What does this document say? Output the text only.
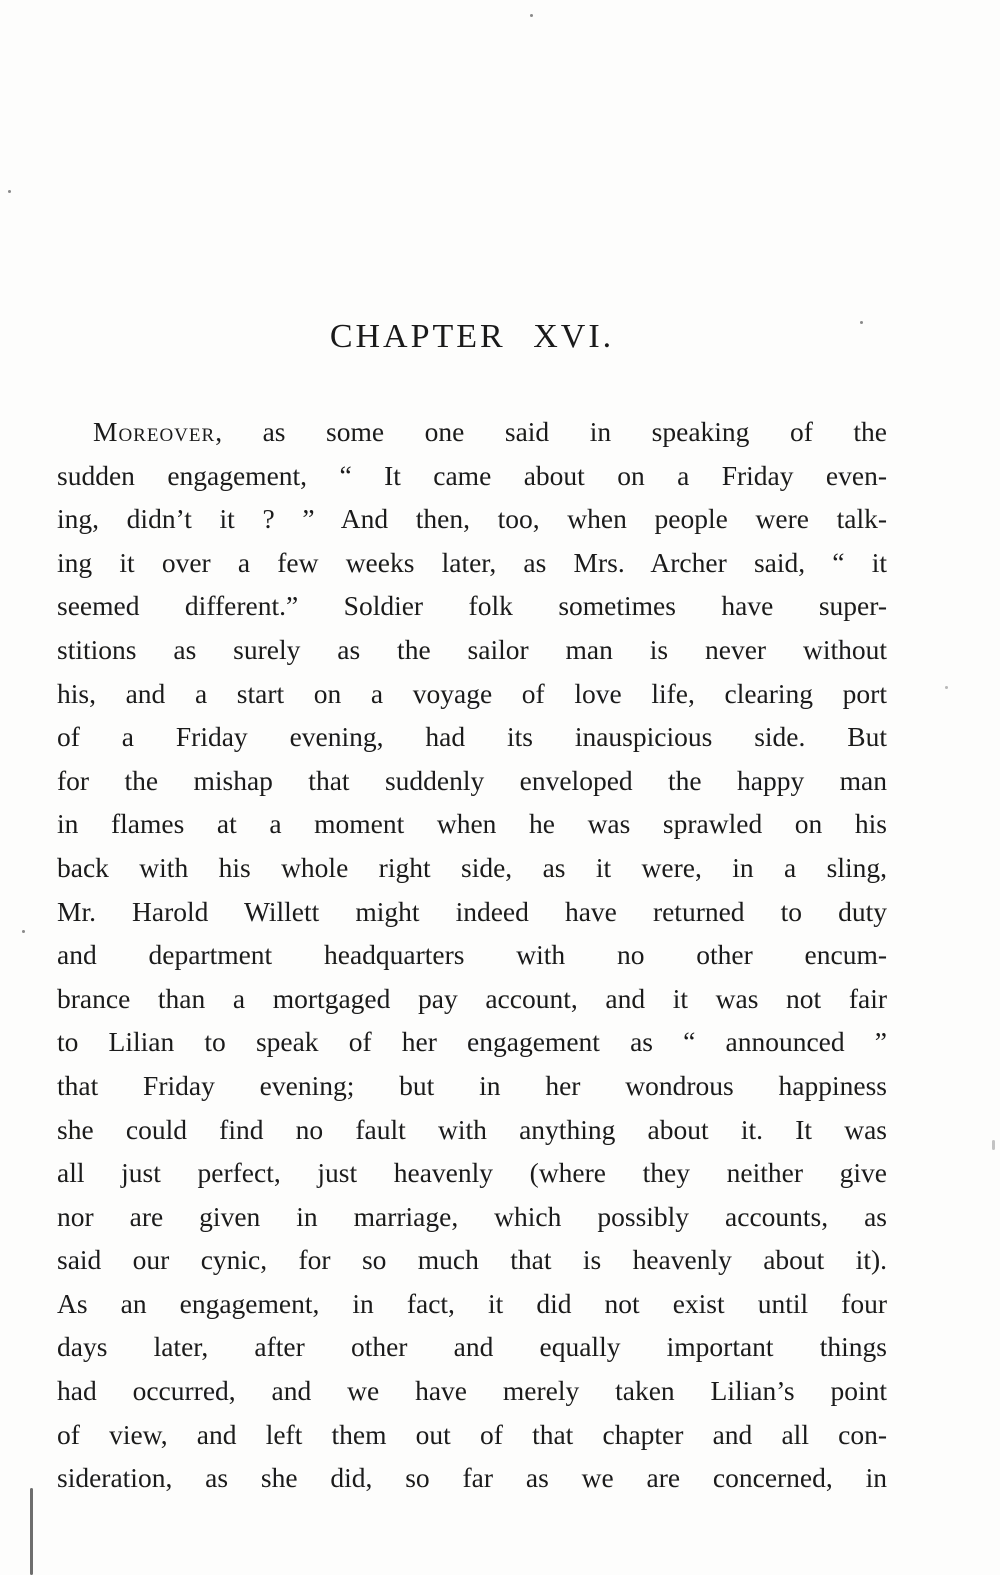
CHAPTER XVI.
Moreover, as some one said in speaking of the
sudden engagement, “ It came about on a Friday even-
ing, didn’t it ? ” And then, too, when people were talk-
ing it over a few weeks later, as Mrs. Archer said, “ it
seemed different.” Soldier folk sometimes have super-
stitions as surely as the sailor man is never without
his, and a start on a voyage of love life, clearing port
of a Friday evening, had its inauspicious side. But
for the mishap that suddenly enveloped the happy man
in flames at a moment when he was sprawled on his
back with his whole right side, as it were, in a sling,
Mr. Harold Willett might indeed have returned to duty
and department headquarters with no other encum-
brance than a mortgaged pay account, and it was not fair
to Lilian to speak of her engagement as “ announced ”
that Friday evening; but in her wondrous happiness
she could find no fault with anything about it. It was
all just perfect, just heavenly (where they neither give
nor are given in marriage, which possibly accounts, as
said our cynic, for so much that is heavenly about it).
As an engagement, in fact, it did not exist until four
days later, after other and equally important things
had occurred, and we have merely taken Lilian’s point
of view, and left them out of that chapter and all con-
sideration, as she did, so far as we are concerned, in
